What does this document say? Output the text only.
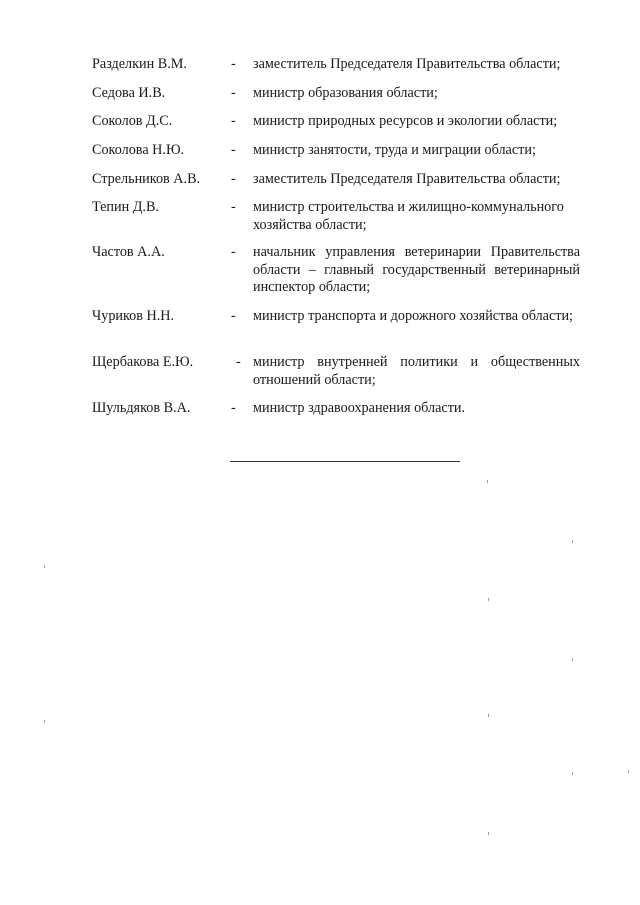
Разделкин В.М.	- заместитель Председателя Правительства области;
Седова И.В.	- министр образования области;
Соколов Д.С.	- министр природных ресурсов и экологии области;
Соколова Н.Ю.	- министр занятости, труда и миграции области;
Стрельников А.В. - заместитель Председателя Правительства области;
Тепин Д.В.	- министр строительства и жилищно-коммунального хозяйства области;
Частов А.А.	- начальник управления ветеринарии Правительства области – главный государственный ветеринарный инспектор области;
Чуриков Н.Н.	- министр транспорта и дорожного хозяйства области;
Щербакова Е.Ю.	- министр внутренней политики и общественных отношений области;
Шульдяков В.А.	- министр здравоохранения области.
